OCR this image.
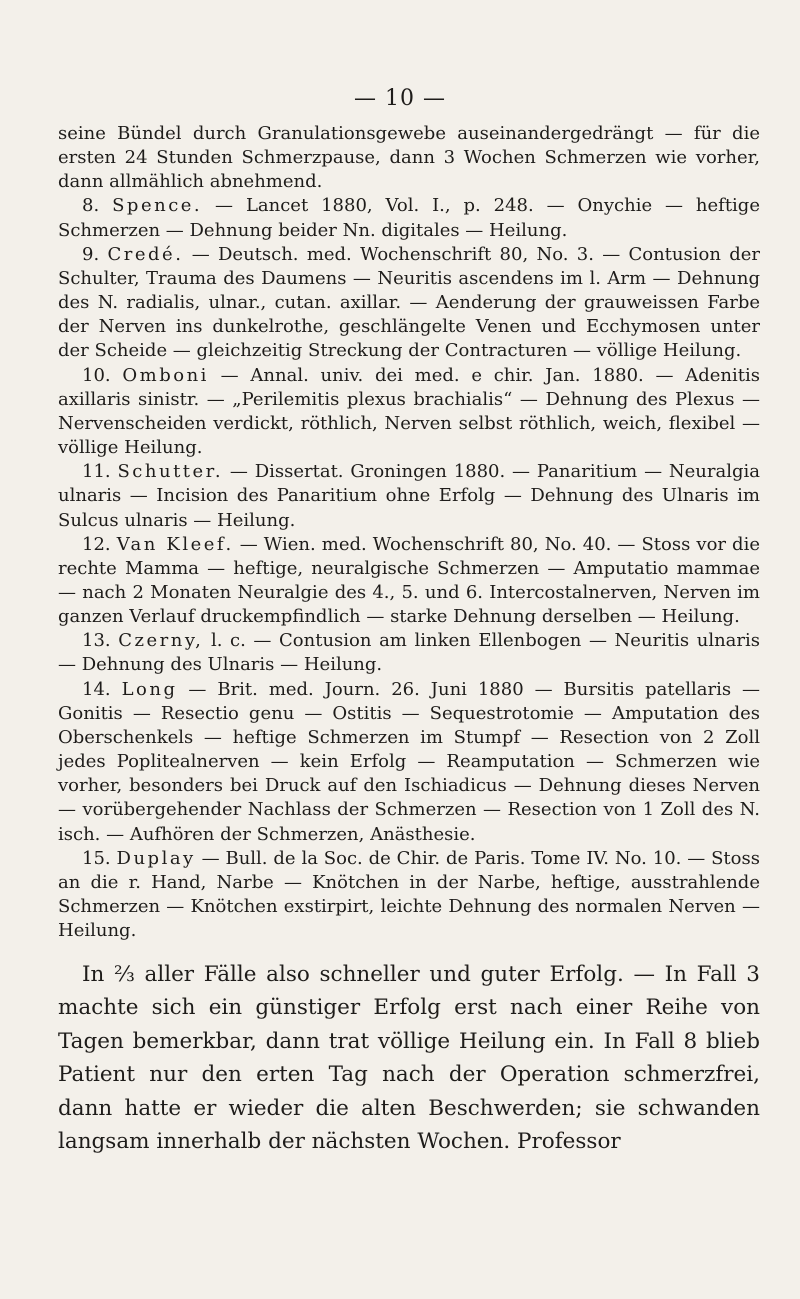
— 10 —

seine Bündel durch Granulationsgewebe auseinandergedrängt — für die ersten 24 Stunden Schmerzpause, dann 3 Wochen Schmerzen wie vorher, dann allmählich abnehmend.

8. Spence. — Lancet 1880, Vol. I., p. 248. — Onychie — heftige Schmerzen — Dehnung beider Nn. digitales — Heilung.

9. Credé. — Deutsch. med. Wochenschrift 80, No. 3. — Contusion der Schulter, Trauma des Daumens — Neuritis ascendens im l. Arm — Dehnung des N. radialis, ulnar., cutan. axillar. — Aenderung der grauweissen Farbe der Nerven ins dunkelrothe, geschlängelte Venen und Ecchymosen unter der Scheide — gleichzeitig Streckung der Contracturen — völlige Heilung.

10. Omboni — Annal. univ. dei med. e chir. Jan. 1880. — Adenitis axillaris sinistr. — „Perilemitis plexus brachialis“ — Dehnung des Plexus — Nervenscheiden verdickt, röthlich, Nerven selbst röthlich, weich, flexibel — völlige Heilung.

11. Schutter. — Dissertat. Groningen 1880. — Panaritium — Neuralgia ulnaris — Incision des Panaritium ohne Erfolg — Dehnung des Ulnaris im Sulcus ulnaris — Heilung.

12. Van Kleef. — Wien. med. Wochenschrift 80, No. 40. — Stoss vor die rechte Mamma — heftige, neuralgische Schmerzen — Amputatio mammae — nach 2 Monaten Neuralgie des 4., 5. und 6. Intercostalnerven, Nerven im ganzen Verlauf druckempfindlich — starke Dehnung derselben — Heilung.

13. Czerny, l. c. — Contusion am linken Ellenbogen — Neuritis ulnaris — Dehnung des Ulnaris — Heilung.

14. Long — Brit. med. Journ. 26. Juni 1880 — Bursitis patellaris — Gonitis — Resectio genu — Ostitis — Sequestrotomie — Amputation des Oberschenkels — heftige Schmerzen im Stumpf — Resection von 2 Zoll jedes Poplitealnerven — kein Erfolg — Reamputation — Schmerzen wie vorher, besonders bei Druck auf den Ischiadicus — Dehnung dieses Nerven — vorübergehender Nachlass der Schmerzen — Resection von 1 Zoll des N. isch. — Aufhören der Schmerzen, Anästhesie.

15. Duplay — Bull. de la Soc. de Chir. de Paris. Tome IV. No. 10. — Stoss an die r. Hand, Narbe — Knötchen in der Narbe, heftige, ausstrahlende Schmerzen — Knötchen exstirpirt, leichte Dehnung des normalen Nerven — Heilung.

In ⅔ aller Fälle also schneller und guter Erfolg. — In Fall 3 machte sich ein günstiger Erfolg erst nach einer Reihe von Tagen bemerkbar, dann trat völlige Heilung ein. In Fall 8 blieb Patient nur den erten Tag nach der Operation schmerzfrei, dann hatte er wieder die alten Beschwerden; sie schwanden langsam innerhalb der nächsten Wochen. Professor
